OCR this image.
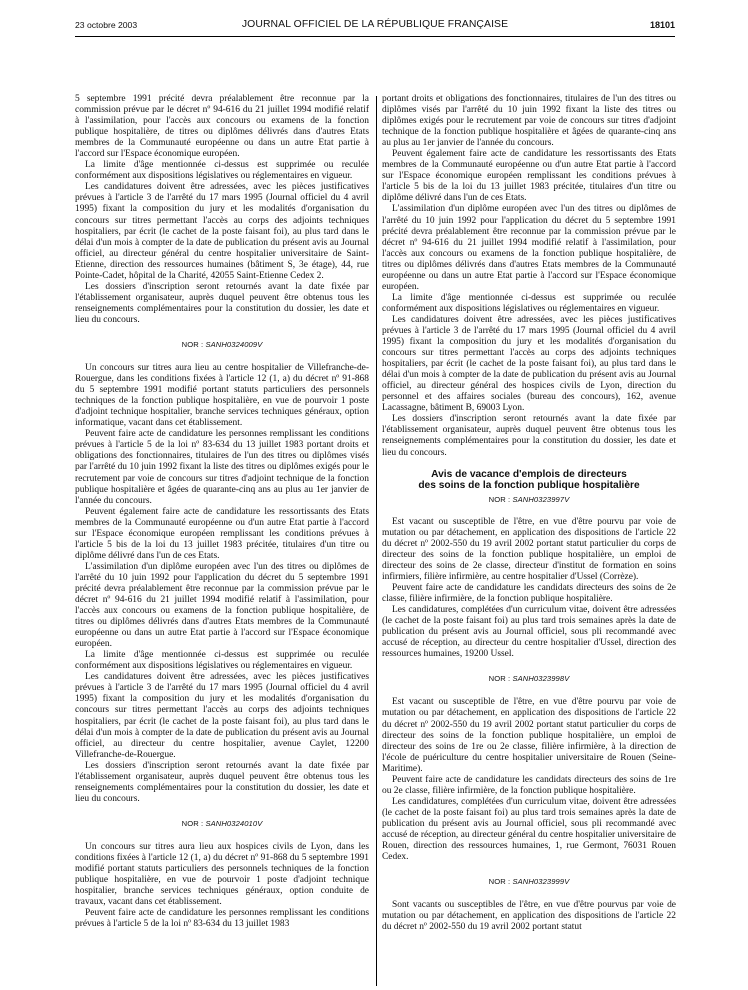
23 octobre 2003	JOURNAL OFFICIEL DE LA RÉPUBLIQUE FRANÇAISE	18101

5 septembre 1991 précité devra préalablement être reconnue par la commission prévue par le décret nº 94-616 du 21 juillet 1994 modifié relatif à l'assimilation, pour l'accès aux concours ou examens de la fonction publique hospitalière, de titres ou diplômes délivrés dans d'autres Etats membres de la Communauté européenne ou dans un autre Etat partie à l'accord sur l'Espace économique européen.

La limite d'âge mentionnée ci-dessus est supprimée ou reculée conformément aux dispositions législatives ou réglementaires en vigueur.

Les candidatures doivent être adressées, avec les pièces justificatives prévues à l'article 3 de l'arrêté du 17 mars 1995 (Journal officiel du 4 avril 1995) fixant la composition du jury et les modalités d'organisation du concours sur titres permettant l'accès au corps des adjoints techniques hospitaliers, par écrit (le cachet de la poste faisant foi), au plus tard dans le délai d'un mois à compter de la date de publication du présent avis au Journal officiel, au directeur général du centre hospitalier universitaire de Saint-Etienne, direction des ressources humaines (bâtiment S, 3e étage), 44, rue Pointe-Cadet, hôpital de la Charité, 42055 Saint-Etienne Cedex 2.

Les dossiers d'inscription seront retournés avant la date fixée par l'établissement organisateur, auprès duquel peuvent être obtenus tous les renseignements complémentaires pour la constitution du dossier, les date et lieu du concours.

NOR : SANH0324009V

Un concours sur titres aura lieu au centre hospitalier de Villefranche-de-Rouergue, dans les conditions fixées à l'article 12 (1, a) du décret nº 91-868 du 5 septembre 1991 modifié portant statuts particuliers des personnels techniques de la fonction publique hospitalière, en vue de pourvoir 1 poste d'adjoint technique hospitalier, branche services techniques généraux, option informatique, vacant dans cet établissement.

Peuvent faire acte de candidature les personnes remplissant les conditions prévues à l'article 5 de la loi nº 83-634 du 13 juillet 1983 portant droits et obligations des fonctionnaires, titulaires de l'un des titres ou diplômes visés par l'arrêté du 10 juin 1992 fixant la liste des titres ou diplômes exigés pour le recrutement par voie de concours sur titres d'adjoint technique de la fonction publique hospitalière et âgées de quarante-cinq ans au plus au 1er janvier de l'année du concours.

Peuvent également faire acte de candidature les ressortissants des Etats membres de la Communauté européenne ou d'un autre Etat partie à l'accord sur l'Espace économique européen remplissant les conditions prévues à l'article 5 bis de la loi du 13 juillet 1983 précitée, titulaires d'un titre ou diplôme délivré dans l'un de ces Etats.

L'assimilation d'un diplôme européen avec l'un des titres ou diplômes de l'arrêté du 10 juin 1992 pour l'application du décret du 5 septembre 1991 précité devra préalablement être reconnue par la commission prévue par le décret nº 94-616 du 21 juillet 1994 modifié relatif à l'assimilation, pour l'accès aux concours ou examens de la fonction publique hospitalière, de titres ou diplômes délivrés dans d'autres Etats membres de la Communauté européenne ou dans un autre Etat partie à l'accord sur l'Espace économique européen.

La limite d'âge mentionnée ci-dessus est supprimée ou reculée conformément aux dispositions législatives ou réglementaires en vigueur.

Les candidatures doivent être adressées, avec les pièces justificatives prévues à l'article 3 de l'arrêté du 17 mars 1995 (Journal officiel du 4 avril 1995) fixant la composition du jury et les modalités d'organisation du concours sur titres permettant l'accès au corps des adjoints techniques hospitaliers, par écrit (le cachet de la poste faisant foi), au plus tard dans le délai d'un mois à compter de la date de publication du présent avis au Journal officiel, au directeur du centre hospitalier, avenue Caylet, 12200 Villefranche-de-Rouergue.

Les dossiers d'inscription seront retournés avant la date fixée par l'établissement organisateur, auprès duquel peuvent être obtenus tous les renseignements complémentaires pour la constitution du dossier, les date et lieu du concours.

NOR : SANH0324010V

Un concours sur titres aura lieu aux hospices civils de Lyon, dans les conditions fixées à l'article 12 (1, a) du décret nº 91-868 du 5 septembre 1991 modifié portant statuts particuliers des personnels techniques de la fonction publique hospitalière, en vue de pourvoir 1 poste d'adjoint technique hospitalier, branche services techniques généraux, option conduite de travaux, vacant dans cet établissement.

Peuvent faire acte de candidature les personnes remplissant les conditions prévues à l'article 5 de la loi nº 83-634 du 13 juillet 1983

portant droits et obligations des fonctionnaires, titulaires de l'un des titres ou diplômes visés par l'arrêté du 10 juin 1992 fixant la liste des titres ou diplômes exigés pour le recrutement par voie de concours sur titres d'adjoint technique de la fonction publique hospitalière et âgées de quarante-cinq ans au plus au 1er janvier de l'année du concours.

Peuvent également faire acte de candidature les ressortissants des Etats membres de la Communauté européenne ou d'un autre Etat partie à l'accord sur l'Espace économique européen remplissant les conditions prévues à l'article 5 bis de la loi du 13 juillet 1983 précitée, titulaires d'un titre ou diplôme délivré dans l'un de ces Etats.

L'assimilation d'un diplôme européen avec l'un des titres ou diplômes de l'arrêté du 10 juin 1992 pour l'application du décret du 5 septembre 1991 précité devra préalablement être reconnue par la commission prévue par le décret nº 94-616 du 21 juillet 1994 modifié relatif à l'assimilation, pour l'accès aux concours ou examens de la fonction publique hospitalière, de titres ou diplômes délivrés dans d'autres Etats membres de la Communauté européenne ou dans un autre Etat partie à l'accord sur l'Espace économique européen.

La limite d'âge mentionnée ci-dessus est supprimée ou reculée conformément aux dispositions législatives ou réglementaires en vigueur.

Les candidatures doivent être adressées, avec les pièces justificatives prévues à l'article 3 de l'arrêté du 17 mars 1995 (Journal officiel du 4 avril 1995) fixant la composition du jury et les modalités d'organisation du concours sur titres permettant l'accès au corps des adjoints techniques hospitaliers, par écrit (le cachet de la poste faisant foi), au plus tard dans le délai d'un mois à compter de la date de publication du présent avis au Journal officiel, au directeur général des hospices civils de Lyon, direction du personnel et des affaires sociales (bureau des concours), 162, avenue Lacassagne, bâtiment B, 69003 Lyon.

Les dossiers d'inscription seront retournés avant la date fixée par l'établissement organisateur, auprès duquel peuvent être obtenus tous les renseignements complémentaires pour la constitution du dossier, les date et lieu du concours.

Avis de vacance d'emplois de directeurs
des soins de la fonction publique hospitalière
NOR : SANH0323997V

Est vacant ou susceptible de l'être, en vue d'être pourvu par voie de mutation ou par détachement, en application des dispositions de l'article 22 du décret nº 2002-550 du 19 avril 2002 portant statut particulier du corps de directeur des soins de la fonction publique hospitalière, un emploi de directeur des soins de 2e classe, directeur d'institut de formation en soins infirmiers, filière infirmière, au centre hospitalier d'Ussel (Corrèze).

Peuvent faire acte de candidature les candidats directeurs des soins de 2e classe, filière infirmière, de la fonction publique hospitalière.

Les candidatures, complétées d'un curriculum vitae, doivent être adressées (le cachet de la poste faisant foi) au plus tard trois semaines après la date de publication du présent avis au Journal officiel, sous pli recommandé avec accusé de réception, au directeur du centre hospitalier d'Ussel, direction des ressources humaines, 19200 Ussel.

NOR : SANH0323998V

Est vacant ou susceptible de l'être, en vue d'être pourvu par voie de mutation ou par détachement, en application des dispositions de l'article 22 du décret nº 2002-550 du 19 avril 2002 portant statut particulier du corps de directeur des soins de la fonction publique hospitalière, un emploi de directeur des soins de 1re ou 2e classe, filière infirmière, à la direction de l'école de puériculture du centre hospitalier universitaire de Rouen (Seine-Maritime).

Peuvent faire acte de candidature les candidats directeurs des soins de 1re ou 2e classe, filière infirmière, de la fonction publique hospitalière.

Les candidatures, complétées d'un curriculum vitae, doivent être adressées (le cachet de la poste faisant foi) au plus tard trois semaines après la date de publication du présent avis au Journal officiel, sous pli recommandé avec accusé de réception, au directeur général du centre hospitalier universitaire de Rouen, direction des ressources humaines, 1, rue Germont, 76031 Rouen Cedex.

NOR : SANH0323999V

Sont vacants ou susceptibles de l'être, en vue d'être pourvus par voie de mutation ou par détachement, en application des dispositions de l'article 22 du décret nº 2002-550 du 19 avril 2002 portant statut
